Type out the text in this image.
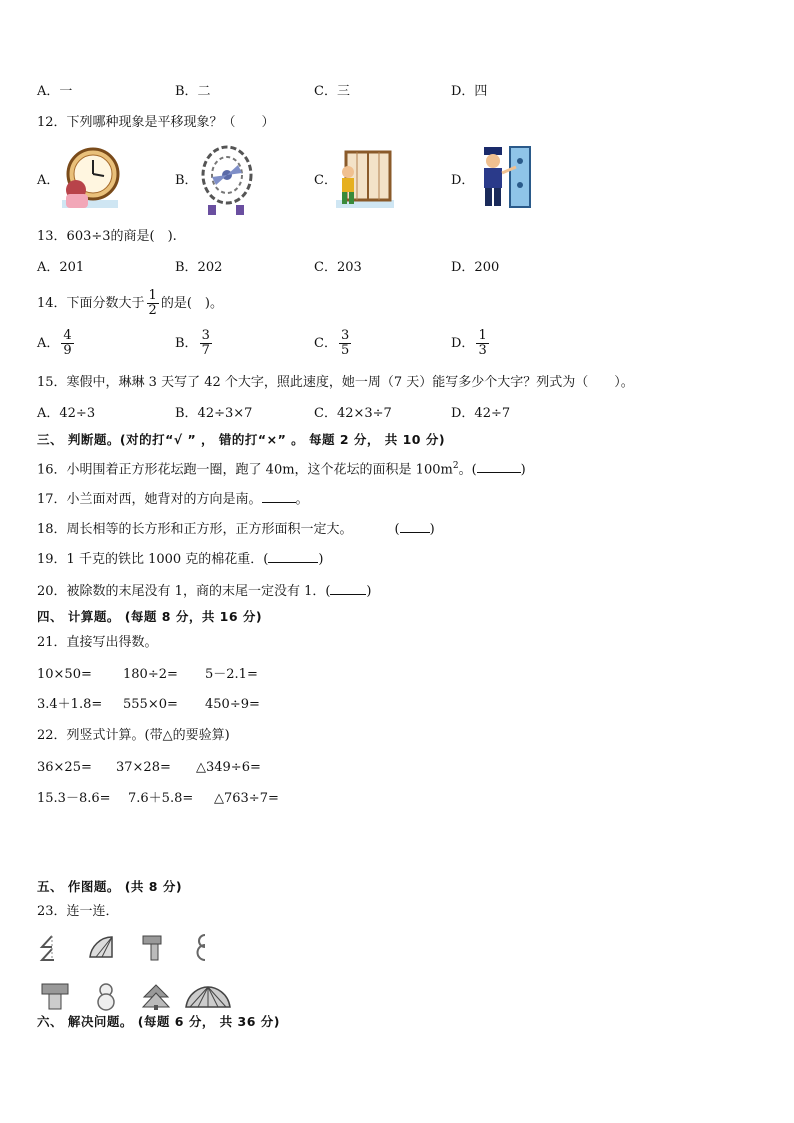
A．一	B．二	C．三	D．四
12．下列哪种现象是平移现象？（　　）
A．	B．	C．	D．
13．603÷3的商是(　).
A．201	B．202	C．203	D．200
14．下面分数大于 $\frac{1}{2}$ 的是(　)。
A． $\frac{4}{9}$	B． $\frac{3}{7}$	C． $\frac{3}{5}$	D． $\frac{1}{3}$
15．寒假中，琳琳 3 天写了 42 个大字，照此速度，她一周（7 天）能写多少个大字？列式为（　　）。
A．42÷3	B．42÷3×7	C．42×3÷7	D．42÷7
三、 判断题。(对的打“√ ” ， 错的打“×” 。 每题 2 分， 共 10 分)
16．小明围着正方形花坛跑一圈，跑了 40m，这个花坛的面积是 $100m^2$。(	)
17．小兰面对西，她背对的方向是南。	。
18．周长相等的长方形和正方形，正方形面积一定大。	( )
19．1 千克的铁比 1000 克的棉花重．(	)
20．被除数的末尾没有 1，商的末尾一定没有 1．(	)
四、 计算题。 (每题 8 分，共 16 分)
21．直接写出得数。
10×50= 180÷2= 5－2.1=
3.4＋1.8= 555×0= 450÷9=
22．列竖式计算。(带△的要验算)
36×25= 37×28= △349÷6=
15.3－8.6= 7.6＋5.8= △763÷7=
五、 作图题。 (共 8 分)
23．连一连．
六、 解决问题。 (每题 6 分， 共 36 分)
